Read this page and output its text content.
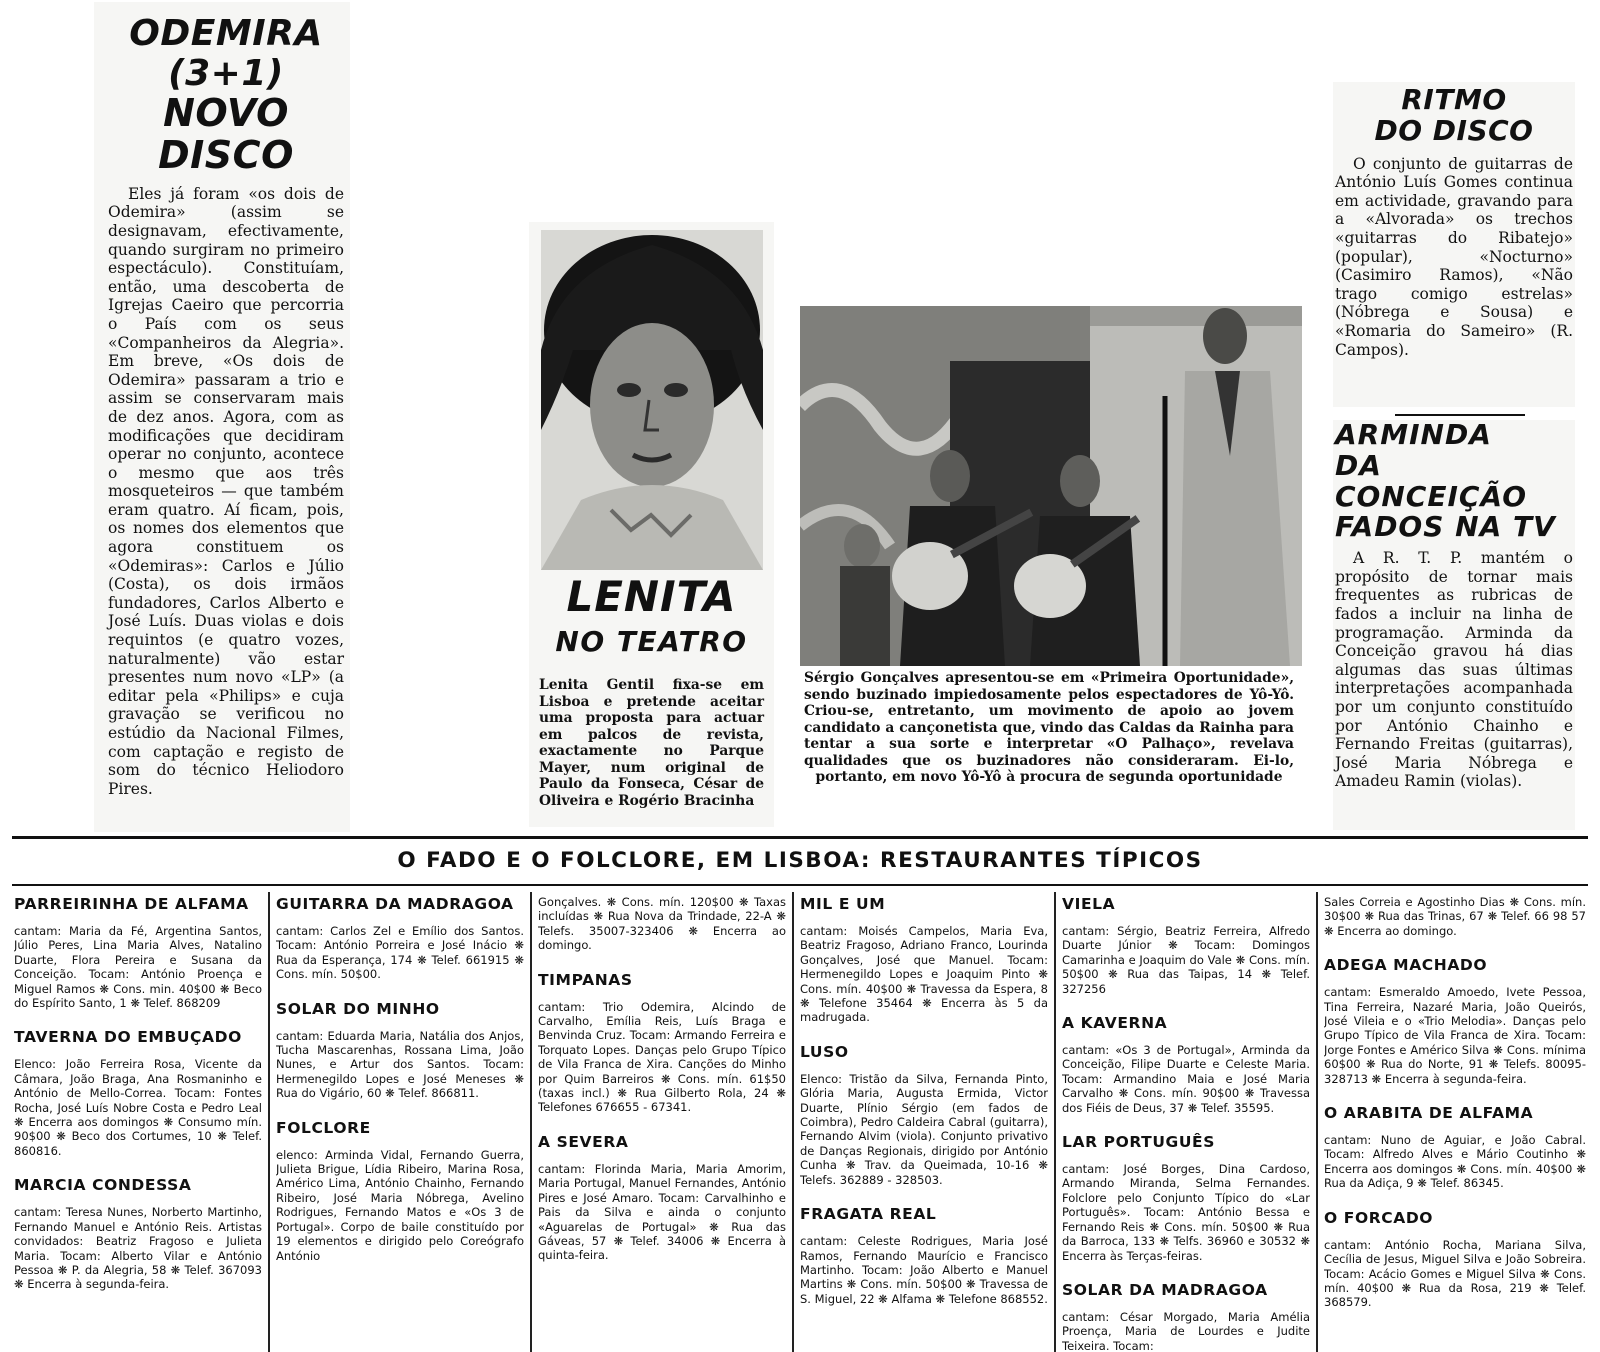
ODEMIRA
(3+1)
NOVO DISCO

Eles já foram «os dois de Odemira» (assim se designavam, efectivamente, quando surgiram no primeiro espectáculo). Constituíam, então, uma descoberta de Igrejas Caeiro que percorria o País com os seus «Companheiros da Alegria». Em breve, «Os dois de Odemira» passaram a trio e assim se conservaram mais de dez anos. Agora, com as modificações que decidiram operar no conjunto, acontece o mesmo que aos três mosqueteiros — que também eram quatro. Aí ficam, pois, os nomes dos elementos que agora constituem os «Odemiras»: Carlos e Júlio (Costa), os dois irmãos fundadores, Carlos Alberto e José Luís. Duas violas e dois requintos (e quatro vozes, naturalmente) vão estar presentes num novo «LP» (a editar pela «Philips» e cuja gravação se verificou no estúdio da Nacional Filmes, com captação e registo de som do técnico Heliodoro Pires.

LENITA
NO TEATRO

Lenita Gentil fixa-se em Lisboa e pretende aceitar uma proposta para actuar em palcos de revista, exactamente no Parque Mayer, num original de Paulo da Fonseca, César de Oliveira e Rogério Bracinha

Sérgio Gonçalves apresentou-se em «Primeira Oportunidade», sendo buzinado impiedosamente pelos espectadores de Yô-Yô. Criou-se, entretanto, um movimento de apoio ao jovem candidato a cançonetista que, vindo das Caldas da Rainha para tentar a sua sorte e interpretar «O Palhaço», revelava qualidades que os buzinadores não consideraram. Ei-lo, portanto, em novo Yô-Yô à procura de segunda oportunidade

RITMO
DO DISCO

O conjunto de guitarras de António Luís Gomes continua em actividade, gravando para a «Alvorada» os trechos «guitarras do Ribatejo» (popular), «Nocturno» (Casimiro Ramos), «Não trago comigo estrelas» (Nóbrega e Sousa) e «Romaria do Sameiro» (R. Campos).

ARMINDA
DA CONCEIÇÃO
FADOS NA TV

A R. T. P. mantém o propósito de tornar mais frequentes as rubricas de fados a incluir na linha de programação. Arminda da Conceição gravou há dias algumas das suas últimas interpretações acompanhada por um conjunto constituído por António Chainho e Fernando Freitas (guitarras), José Maria Nóbrega e Amadeu Ramin (violas).

O FADO E O FOLCLORE, EM LISBOA: RESTAURANTES TÍPICOS

PARREIRINHA DE ALFAMA

cantam: Maria da Fé, Argentina Santos, Júlio Peres, Lina Maria Alves, Natalino Duarte, Flora Pereira e Susana da Conceição. Tocam: António Proença e Miguel Ramos ❋ Cons. min. 40$00 ❋ Beco do Espírito Santo, 1 ❋ Telef. 868209

TAVERNA DO EMBUÇADO

Elenco: João Ferreira Rosa, Vicente da Câmara, João Braga, Ana Rosmaninho e António de Mello-Correa. Tocam: Fontes Rocha, José Luís Nobre Costa e Pedro Leal ❋ Encerra aos domingos ❋ Consumo mín. 90$00 ❋ Beco dos Cortumes, 10 ❋ Telef. 860816.

MARCIA CONDESSA

cantam: Teresa Nunes, Norberto Martinho, Fernando Manuel e António Reis. Artistas convidados: Beatriz Fragoso e Julieta Maria. Tocam: Alberto Vilar e António Pessoa ❋ P. da Alegria, 58 ❋ Telef. 367093 ❋ Encerra à segunda-feira.

GUITARRA DA MADRAGOA

cantam: Carlos Zel e Emílio dos Santos. Tocam: António Porreira e José Inácio ❋ Rua da Esperança, 174 ❋ Telef. 661915 ❋ Cons. mín. 50$00.

SOLAR DO MINHO

cantam: Eduarda Maria, Natália dos Anjos, Tucha Mascarenhas, Rossana Lima, João Nunes, e Artur dos Santos. Tocam: Hermenegildo Lopes e José Meneses ❋ Rua do Vigário, 60 ❋ Telef. 866811.

FOLCLORE

elenco: Arminda Vidal, Fernando Guerra, Julieta Brigue, Lídia Ribeiro, Marina Rosa, Américo Lima, António Chainho, Fernando Ribeiro, José Maria Nóbrega, Avelino Rodrigues, Fernando Matos e «Os 3 de Portugal». Corpo de baile constituído por 19 elementos e dirigido pelo Coreógrafo António

Gonçalves. ❋ Cons. mín. 120$00 ❋ Taxas incluídas ❋ Rua Nova da Trindade, 22-A ❋ Telefs. 35007-323406 ❋ Encerra ao domingo.

TIMPANAS

cantam: Trio Odemira, Alcindo de Carvalho, Emília Reis, Luís Braga e Benvinda Cruz. Tocam: Armando Ferreira e Torquato Lopes. Danças pelo Grupo Típico de Vila Franca de Xira. Canções do Minho por Quim Barreiros ❋ Cons. mín. 61$50 (taxas incl.) ❋ Rua Gilberto Rola, 24 ❋ Telefones 676655 - 67341.

A SEVERA

cantam: Florinda Maria, Maria Amorim, Maria Portugal, Manuel Fernandes, António Pires e José Amaro. Tocam: Carvalhinho e Pais da Silva e ainda o conjunto «Aguarelas de Portugal» ❋ Rua das Gáveas, 57 ❋ Telef. 34006 ❋ Encerra à quinta-feira.

MIL E UM

cantam: Moisés Campelos, Maria Eva, Beatriz Fragoso, Adriano Franco, Lourinda Gonçalves, José que Manuel. Tocam: Hermenegildo Lopes e Joaquim Pinto ❋ Cons. mín. 40$00 ❋ Travessa da Espera, 8 ❋ Telefone 35464 ❋ Encerra às 5 da madrugada.

LUSO

Elenco: Tristão da Silva, Fernanda Pinto, Glória Maria, Augusta Ermida, Victor Duarte, Plínio Sérgio (em fados de Coimbra), Pedro Caldeira Cabral (guitarra), Fernando Alvim (viola). Conjunto privativo de Danças Regionais, dirigido por António Cunha ❋ Trav. da Queimada, 10-16 ❋ Telefs. 362889 - 328503.

FRAGATA REAL

cantam: Celeste Rodrigues, Maria José Ramos, Fernando Maurício e Francisco Martinho. Tocam: João Alberto e Manuel Martins ❋ Cons. mín. 50$00 ❋ Travessa de S. Miguel, 22 ❋ Alfama ❋ Telefone 868552.

VIELA

cantam: Sérgio, Beatriz Ferreira, Alfredo Duarte Júnior ❋ Tocam: Domingos Camarinha e Joaquim do Vale ❋ Cons. mín. 50$00 ❋ Rua das Taipas, 14 ❋ Telef. 327256

A KAVERNA

cantam: «Os 3 de Portugal», Arminda da Conceição, Filipe Duarte e Celeste Maria. Tocam: Armandino Maia e José Maria Carvalho ❋ Cons. mín. 90$00 ❋ Travessa dos Fiéis de Deus, 37 ❋ Telef. 35595.

LAR PORTUGUÊS

cantam: José Borges, Dina Cardoso, Armando Miranda, Selma Fernandes. Folclore pelo Conjunto Típico do «Lar Português». Tocam: António Bessa e Fernando Reis ❋ Cons. mín. 50$00 ❋ Rua da Barroca, 133 ❋ Telfs. 36960 e 30532 ❋ Encerra às Terças-feiras.

SOLAR DA MADRAGOA

cantam: César Morgado, Maria Amélia Proença, Maria de Lourdes e Judite Teixeira. Tocam:

Sales Correia e Agostinho Dias ❋ Cons. mín. 30$00 ❋ Rua das Trinas, 67 ❋ Telef. 66 98 57 ❋ Encerra ao domingo.

ADEGA MACHADO

cantam: Esmeraldo Amoedo, Ivete Pessoa, Tina Ferreira, Nazaré Maria, João Queirós, José Vileia e o «Trio Melodia». Danças pelo Grupo Típico de Vila Franca de Xira. Tocam: Jorge Fontes e Américo Silva ❋ Cons. mínima 60$00 ❋ Rua do Norte, 91 ❋ Telefs. 80095-328713 ❋ Encerra à segunda-feira.

O ARABITA DE ALFAMA

cantam: Nuno de Aguiar, e João Cabral. Tocam: Alfredo Alves e Mário Coutinho ❋ Encerra aos domingos ❋ Cons. mín. 40$00 ❋ Rua da Adiça, 9 ❋ Telef. 86345.

O FORCADO

cantam: António Rocha, Mariana Silva, Cecília de Jesus, Miguel Silva e João Sobreira. Tocam: Acácio Gomes e Miguel Silva ❋ Cons. mín. 40$00 ❋ Rua da Rosa, 219 ❋ Telef. 368579.
